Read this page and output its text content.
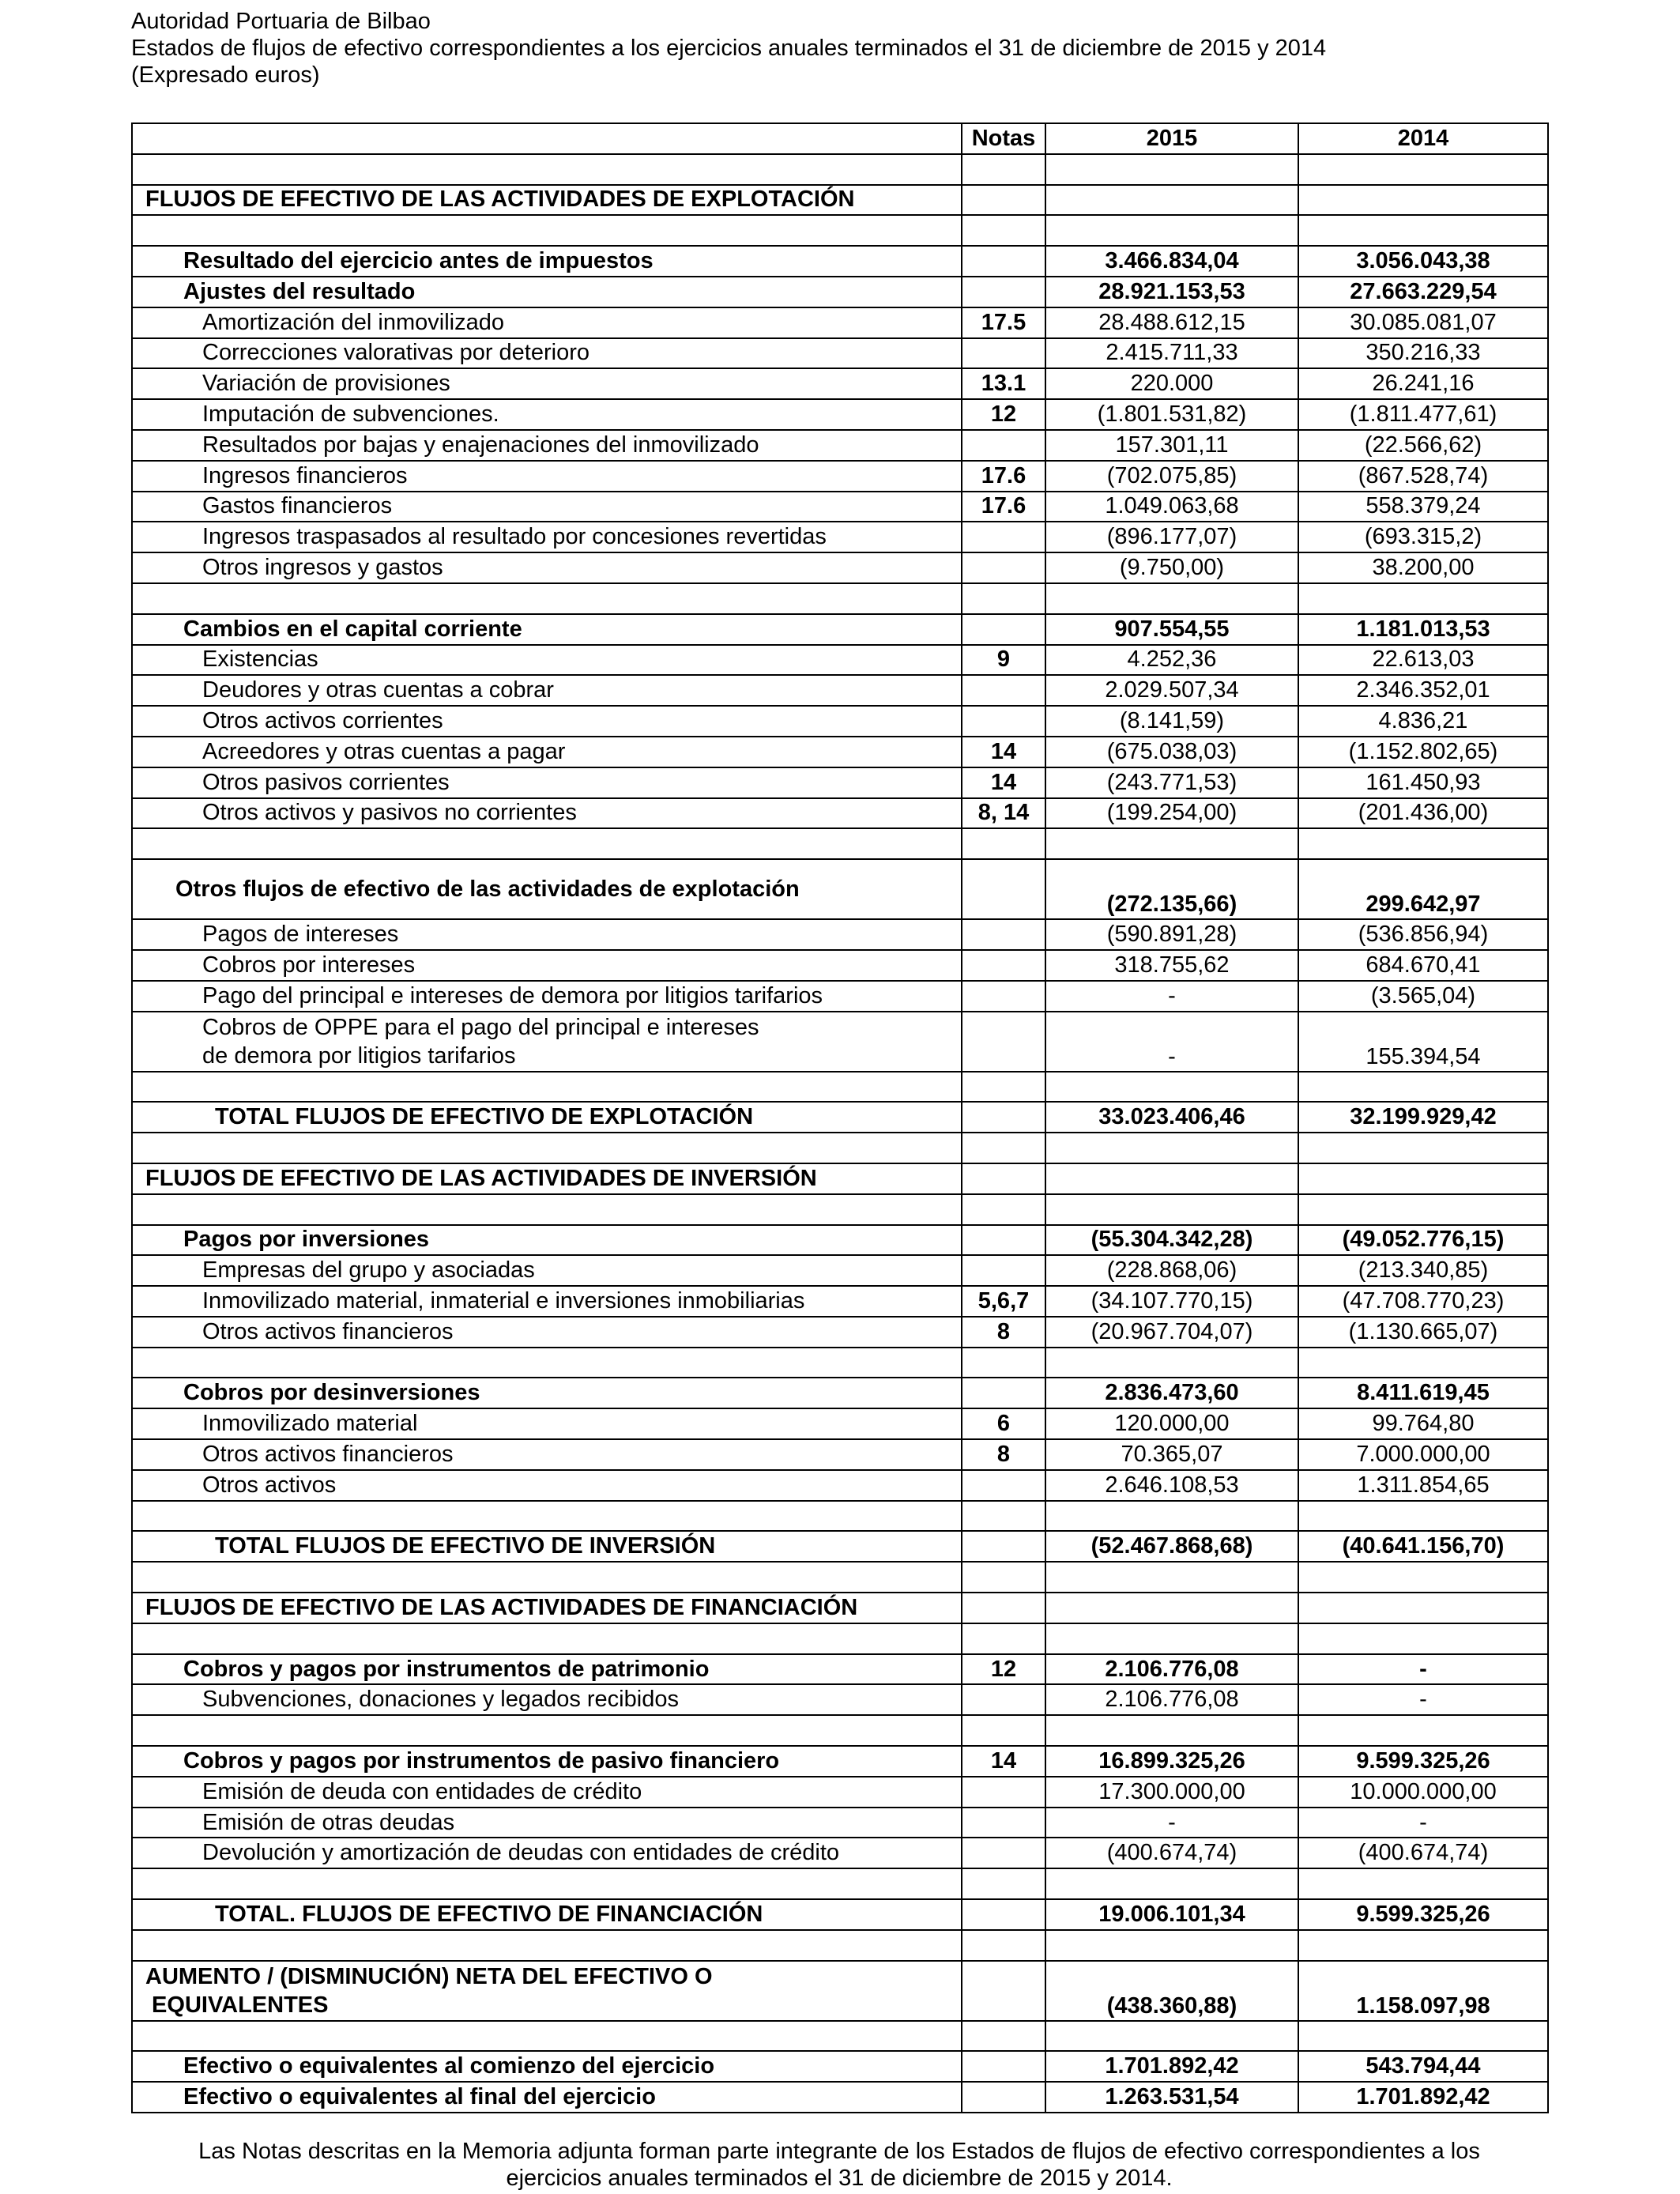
Autoridad Portuaria de Bilbao
Estados de flujos de efectivo correspondientes a los ejercicios anuales terminados el 31 de diciembre de 2015 y 2014
(Expresado euros)
	Notas	2015	2014

FLUJOS DE EFECTIVO DE LAS ACTIVIDADES DE EXPLOTACIÓN			

Resultado del ejercicio antes de impuestos		3.466.834,04	3.056.043,38
Ajustes del resultado		28.921.153,53	27.663.229,54
Amortización del inmovilizado	17.5	28.488.612,15	30.085.081,07
Correcciones valorativas por deterioro		2.415.711,33	350.216,33
Variación de provisiones	13.1	220.000	26.241,16
Imputación de subvenciones.	12	(1.801.531,82)	(1.811.477,61)
Resultados por bajas y enajenaciones del inmovilizado		157.301,11	(22.566,62)
Ingresos financieros	17.6	(702.075,85)	(867.528,74)
Gastos financieros	17.6	1.049.063,68	558.379,24
Ingresos traspasados al resultado por concesiones revertidas		(896.177,07)	(693.315,2)
Otros ingresos y gastos		(9.750,00)	38.200,00

Cambios en el capital corriente		907.554,55	1.181.013,53
Existencias	9	4.252,36	22.613,03
Deudores y otras cuentas a cobrar		2.029.507,34	2.346.352,01
Otros activos corrientes		(8.141,59)	4.836,21
Acreedores y otras cuentas a pagar	14	(675.038,03)	(1.152.802,65)
Otros pasivos corrientes	14	(243.771,53)	161.450,93
Otros activos y pasivos no corrientes	8, 14	(199.254,00)	(201.436,00)

Otros flujos de efectivo de las actividades de explotación		(272.135,66)	299.642,97
Pagos de intereses		(590.891,28)	(536.856,94)
Cobros por intereses		318.755,62	684.670,41
Pago del principal e intereses de demora por litigios tarifarios		-	(3.565,04)

Cobros de OPPE para el pago del principal e intereses
de demora por litigios tarifarios		-	155.394,54

TOTAL FLUJOS DE EFECTIVO DE EXPLOTACIÓN		33.023.406,46	32.199.929,42

FLUJOS DE EFECTIVO DE LAS ACTIVIDADES DE INVERSIÓN			

Pagos por inversiones		(55.304.342,28)	(49.052.776,15)
Empresas del grupo y asociadas		(228.868,06)	(213.340,85)
Inmovilizado material, inmaterial e inversiones inmobiliarias	5,6,7	(34.107.770,15)	(47.708.770,23)
Otros activos financieros	8	(20.967.704,07)	(1.130.665,07)

Cobros por desinversiones		2.836.473,60	8.411.619,45
Inmovilizado material	6	120.000,00	99.764,80
Otros activos financieros	8	70.365,07	7.000.000,00
Otros activos		2.646.108,53	1.311.854,65

TOTAL FLUJOS DE EFECTIVO DE INVERSIÓN		(52.467.868,68)	(40.641.156,70)

FLUJOS DE EFECTIVO DE LAS ACTIVIDADES DE FINANCIACIÓN			

Cobros y pagos por instrumentos de patrimonio	12	2.106.776,08	-
Subvenciones, donaciones y legados recibidos		2.106.776,08	-

Cobros y pagos por instrumentos de pasivo financiero	14	16.899.325,26	9.599.325,26
Emisión de deuda con entidades de crédito		17.300.000,00	10.000.000,00
Emisión de otras deudas		-	-
Devolución y amortización de deudas con entidades de crédito		(400.674,74)	(400.674,74)

TOTAL. FLUJOS DE EFECTIVO DE FINANCIACIÓN		19.006.101,34	9.599.325,26

AUMENTO / (DISMINUCIÓN) NETA DEL EFECTIVO O
EQUIVALENTES		(438.360,88)	1.158.097,98

Efectivo o equivalentes al comienzo del ejercicio		1.701.892,42	543.794,44
Efectivo o equivalentes al final del ejercicio		1.263.531,54	1.701.892,42
Las Notas descritas en la Memoria adjunta forman parte integrante de los Estados de flujos de efectivo correspondientes a los
ejercicios anuales terminados el 31 de diciembre de 2015 y 2014.
